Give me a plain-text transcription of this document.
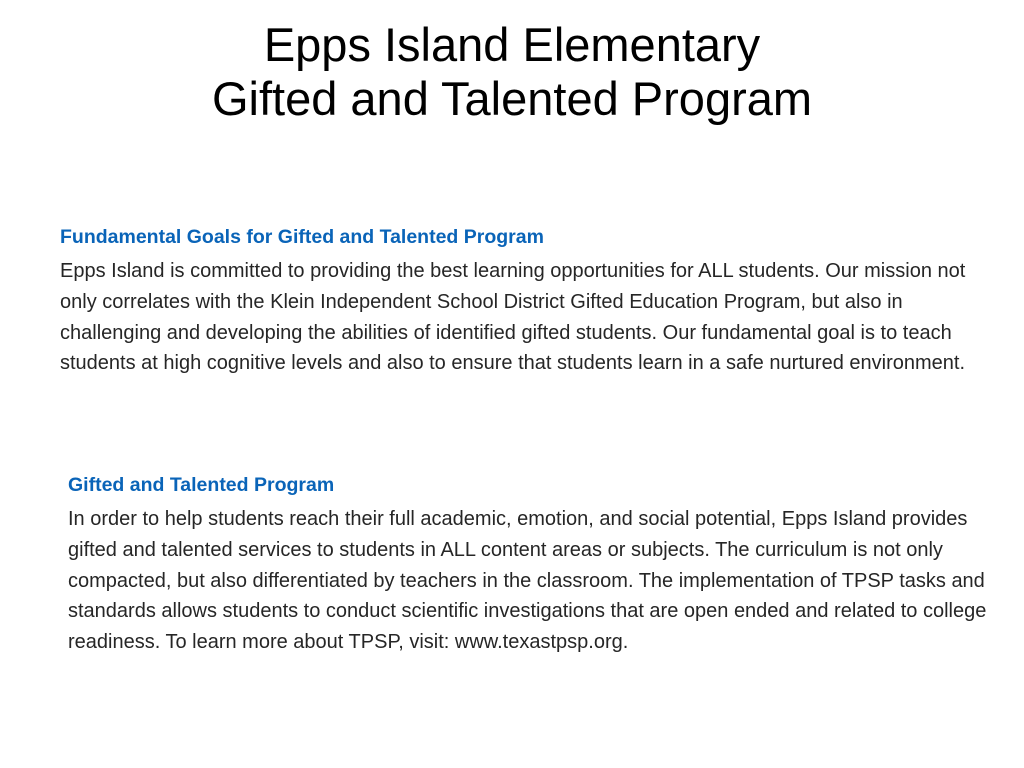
Epps Island Elementary
Gifted and Talented Program
Fundamental Goals for Gifted and Talented Program

Epps Island is committed to providing the best learning opportunities for ALL students. Our mission not only correlates with the Klein Independent School District Gifted Education Program, but also in challenging and developing the abilities of identified gifted students. Our fundamental goal is to teach students at high cognitive levels and also to ensure that students learn in a safe nurtured environment.

Gifted and Talented Program

In order to help students reach their full academic, emotion, and social potential, Epps Island provides gifted and talented services to students in ALL content areas or subjects. The curriculum is not only compacted, but also differentiated by teachers in the classroom. The implementation of TPSP tasks and standards allows students to conduct scientific investigations that are open ended and related to college readiness. To learn more about TPSP, visit: www.texastpsp.org.
